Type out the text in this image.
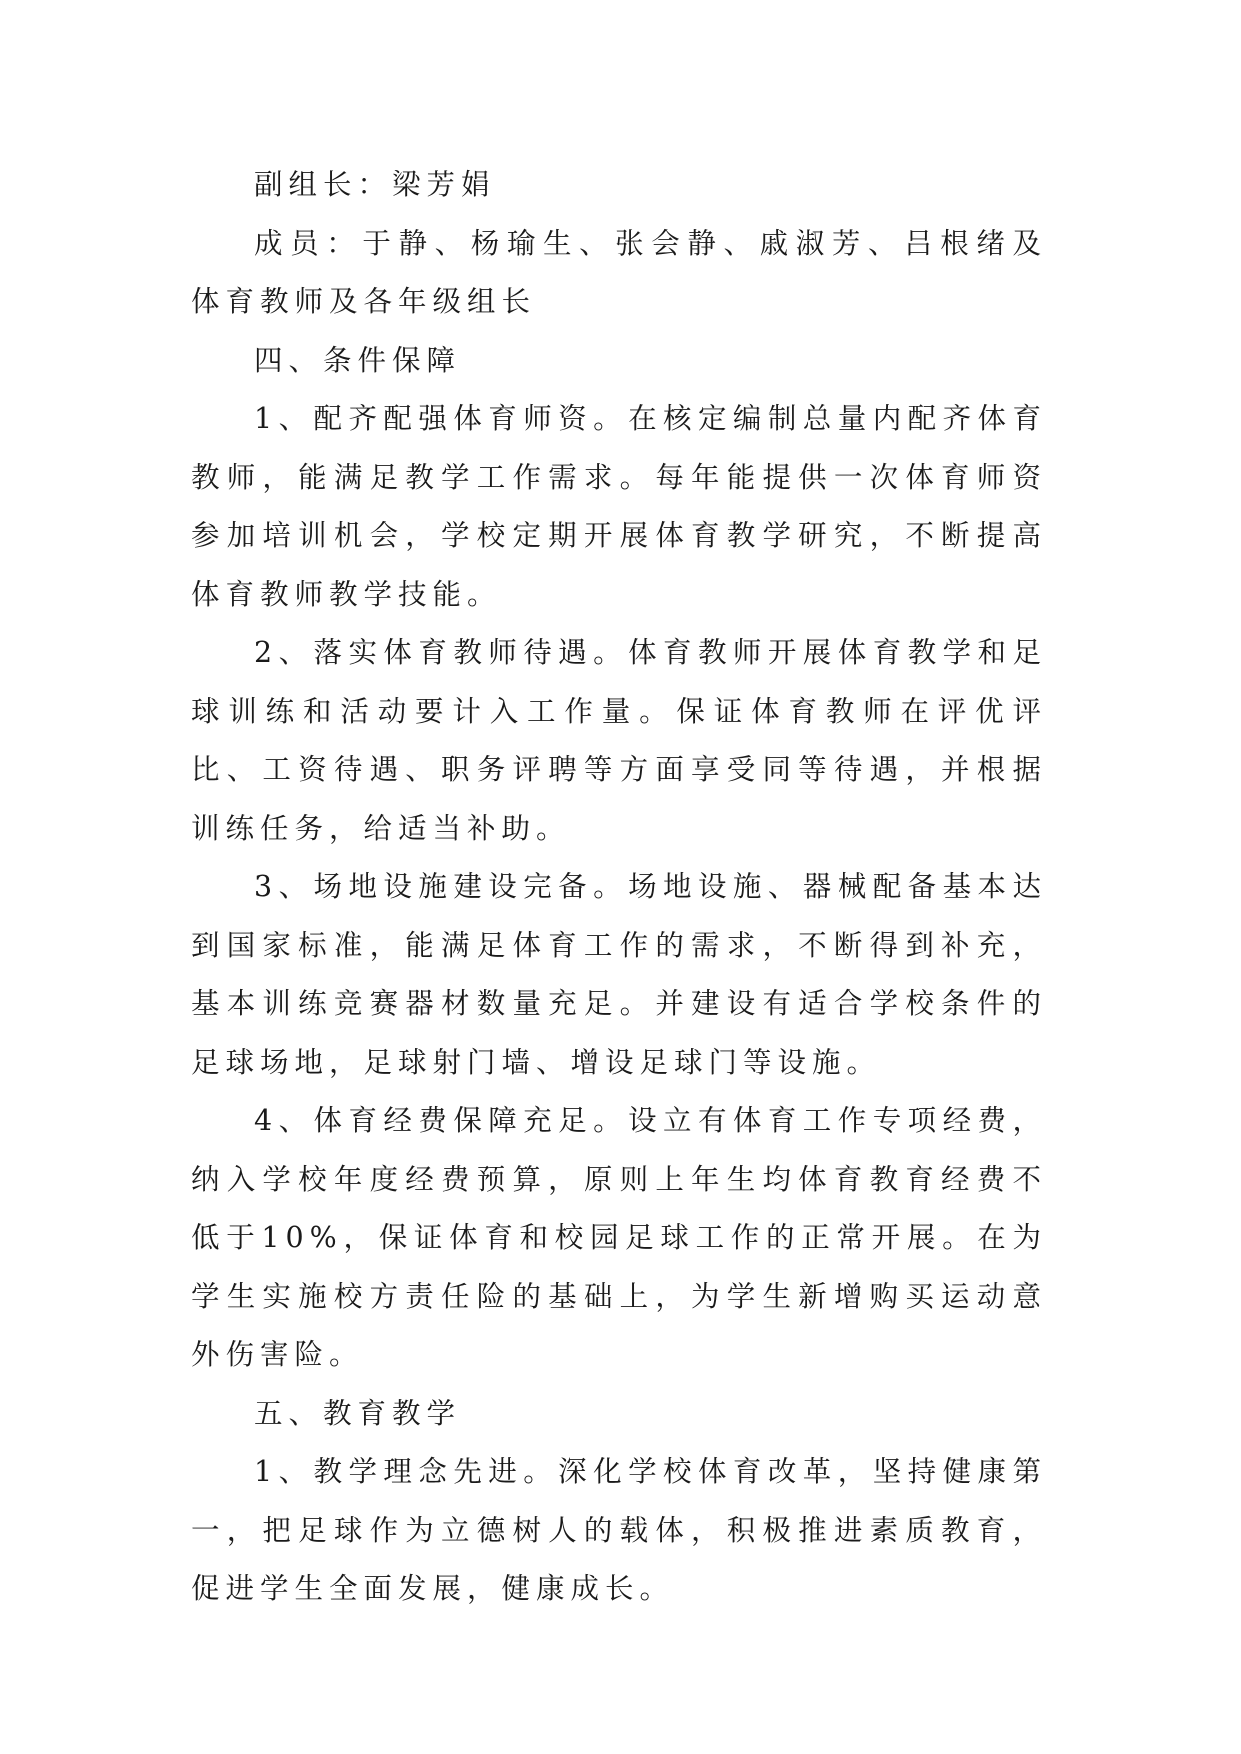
副组长：梁芳娟

成员：于静、杨瑜生、张会静、戚淑芳、吕根绪及体育教师及各年级组长

四、条件保障

1、配齐配强体育师资。在核定编制总量内配齐体育教师，能满足教学工作需求。每年能提供一次体育师资参加培训机会，学校定期开展体育教学研究，不断提高体育教师教学技能。

2、落实体育教师待遇。体育教师开展体育教学和足球训练和活动要计入工作量。保证体育教师在评优评比、工资待遇、职务评聘等方面享受同等待遇，并根据训练任务，给适当补助。

3、场地设施建设完备。场地设施、器械配备基本达到国家标准，能满足体育工作的需求，不断得到补充，基本训练竞赛器材数量充足。并建设有适合学校条件的足球场地，足球射门墙、增设足球门等设施。

4、体育经费保障充足。设立有体育工作专项经费，纳入学校年度经费预算，原则上年生均体育教育经费不低于10%，保证体育和校园足球工作的正常开展。在为学生实施校方责任险的基础上，为学生新增购买运动意外伤害险。

五、教育教学

1、教学理念先进。深化学校体育改革，坚持健康第一，把足球作为立德树人的载体，积极推进素质教育，促进学生全面发展，健康成长。
